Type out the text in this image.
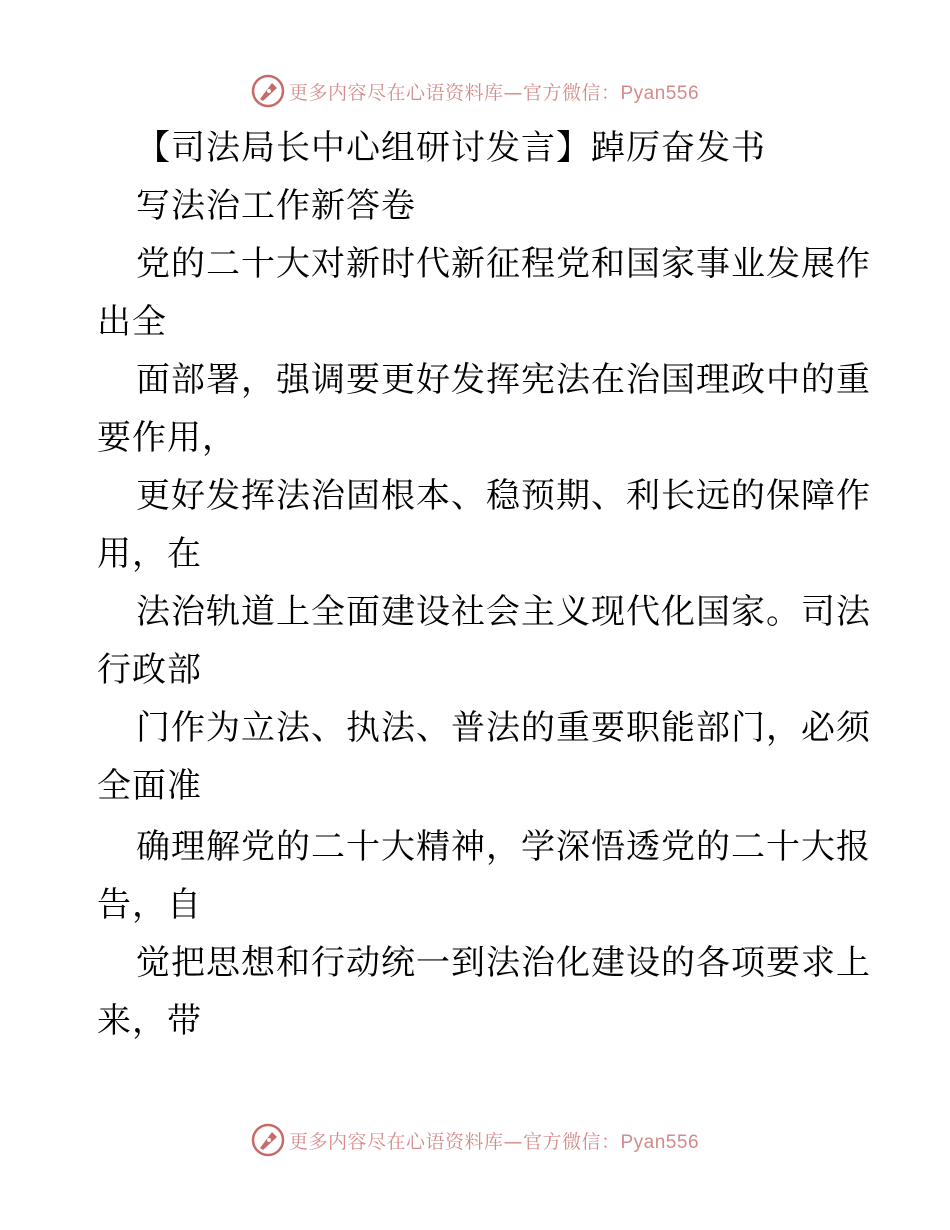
更多内容尽在心语资料库—官方微信：Pyan556
【司法局长中心组研讨发言】踔厉奋发书
写法治工作新答卷
党的二十大对新时代新征程党和国家事业发展作
出全
面部署，强调要更好发挥宪法在治国理政中的重
要作用，
更好发挥法治固根本、稳预期、利长远的保障作
用，在
法治轨道上全面建设社会主义现代化国家。司法
行政部
门作为立法、执法、普法的重要职能部门，必须
全面准
确理解党的二十大精神，学深悟透党的二十大报
告，自
觉把思想和行动统一到法治化建设的各项要求上
来，带
更多内容尽在心语资料库—官方微信：Pyan556
